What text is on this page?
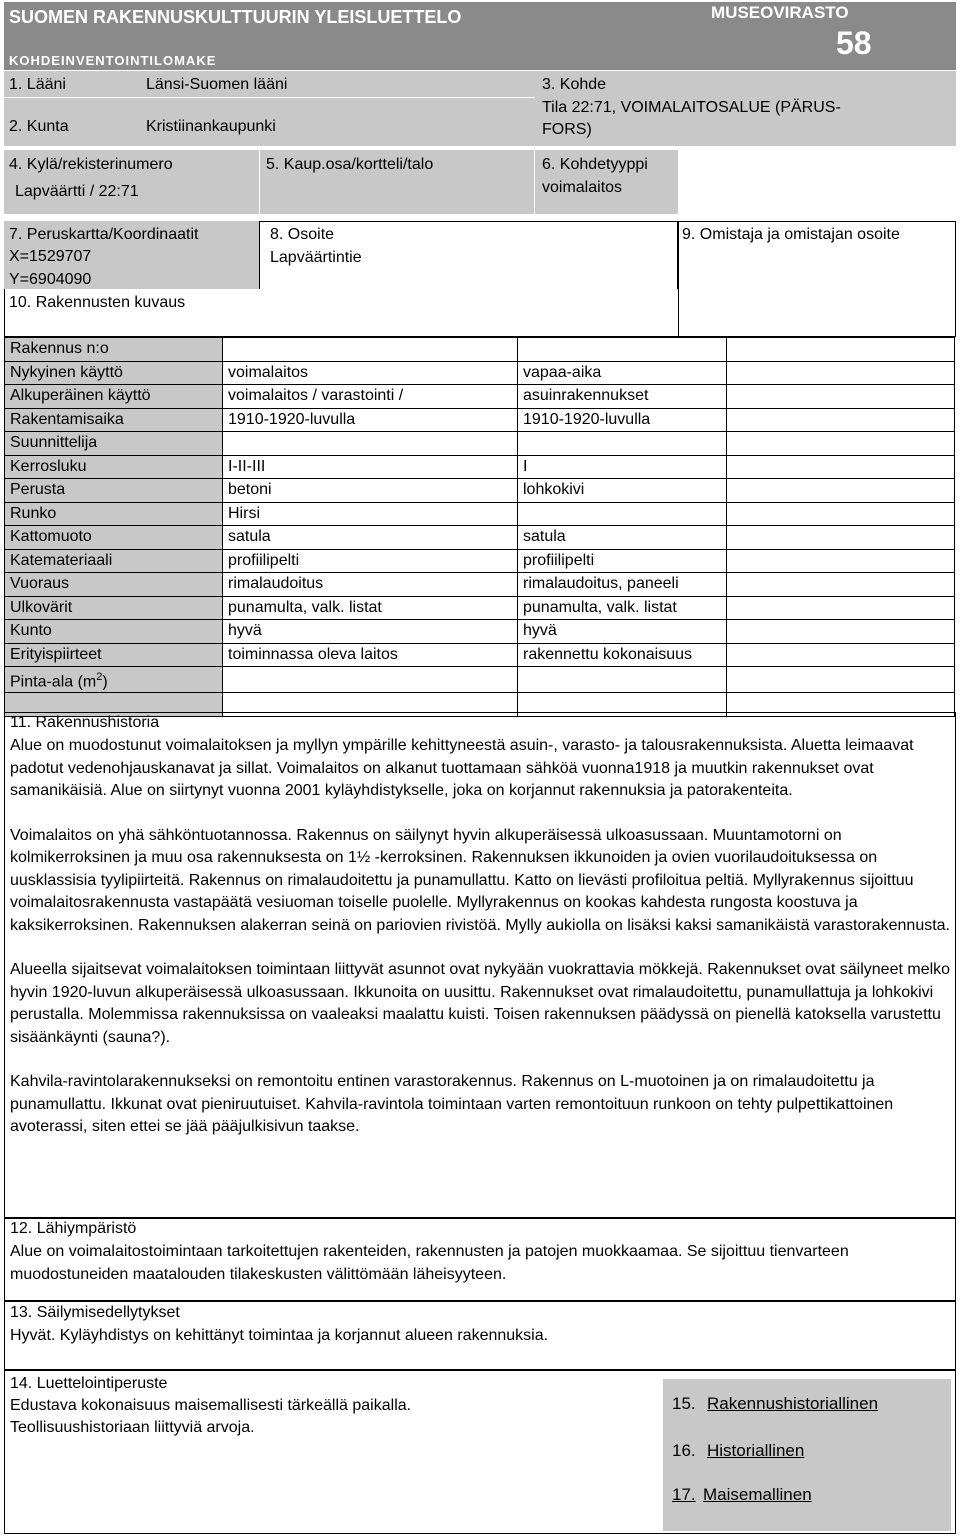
SUOMEN RAKENNUSKULTTUURIN YLEISLUETTELO
KOHDEINVENTOINTILOMAKE
MUSEOVIRASTO
58
1. Lääni	Länsi-Suomen lääni
2. Kunta	Kristiinankaupunki
3. Kohde
Tila 22:71, VOIMALAITOSALUE (PÄRUS-
FORS)
4. Kylä/rekisterinumero
Lapväärtti / 22:71
5. Kaup.osa/kortteli/talo	6. Kohdetyyppi
voimalaitos
7. Peruskartta/Koordinaatit
X=1529707
Y=6904090
8. Osoite
Lapväärtintie
9. Omistaja ja omistajan osoite
10. Rakennusten kuvaus
Rakennus n:o			
Nykyinen käyttö	voimalaitos	vapaa-aika	
Alkuperäinen käyttö	voimalaitos / varastointi /	asuinrakennukset	
Rakentamisaika	1910-1920-luvulla	1910-1920-luvulla	
Suunnittelija			
Kerrosluku	I-II-III	I	
Perusta	betoni	lohkokivi	
Runko	Hirsi		
Kattomuoto	satula	satula	
Katemateriaali	profiilipelti	profiilipelti	
Vuoraus	rimalaudoitus	rimalaudoitus, paneeli	
Ulkovärit	punamulta, valk. listat	punamulta, valk. listat	
Kunto	hyvä	hyvä	
Erityispiirteet	toiminnassa oleva laitos	rakennettu kokonaisuus	
Pinta-ala $(m^2)$			

11. Rakennushistoria

Alue on muodostunut voimalaitoksen ja myllyn ympärille kehittyneestä asuin-, varasto- ja talousrakennuksista. Aluetta leimaavat padotut vedenohjauskanavat ja sillat. Voimalaitos on alkanut tuottamaan sähköä vuonna1918 ja muutkin rakennukset ovat samanikäisiä. Alue on siirtynyt vuonna 2001 kyläyhdistykselle, joka on korjannut rakennuksia ja patorakenteita.

Voimalaitos on yhä sähköntuotannossa. Rakennus on säilynyt hyvin alkuperäisessä ulkoasussaan. Muuntamotorni on kolmikerroksinen ja muu osa rakennuksesta on 1½ -kerroksinen. Rakennuksen ikkunoiden ja ovien vuorilaudoituksessa on uusklassisia tyylipiirteitä. Rakennus on rimalaudoitettu ja punamullattu. Katto on lievästi profiloitua peltiä. Myllyrakennus sijoittuu voimalaitosrakennusta vastapäätä vesiuoman toiselle puolelle. Myllyrakennus on kookas kahdesta rungosta koostuva ja kaksikerroksinen. Rakennuksen alakerran seinä on pariovien rivistöä. Mylly aukiolla on lisäksi kaksi samanikäistä varastorakennusta.

Alueella sijaitsevat voimalaitoksen toimintaan liittyvät asunnot ovat nykyään vuokrattavia mökkejä. Rakennukset ovat säilyneet melko hyvin 1920-luvun alkuperäisessä ulkoasussaan. Ikkunoita on uusittu. Rakennukset ovat rimalaudoitettu, punamullattuja ja lohkokivi perustalla. Molemmissa rakennuksissa on vaaleaksi maalattu kuisti. Toisen rakennuksen päädyssä on pienellä katoksella varustettu sisäänkäynti (sauna?).

Kahvila-ravintolarakennukseksi on remontoitu entinen varastorakennus. Rakennus on L-muotoinen ja on rimalaudoitettu ja punamullattu. Ikkunat ovat pieniruutuiset. Kahvila-ravintola toimintaan varten remontoituun runkoon on tehty pulpettikattoinen avoterassi, siten ettei se jää pääjulkisivun taakse.

12. Lähiympäristö
Alue on voimalaitostoimintaan tarkoitettujen rakenteiden, rakennusten ja patojen muokkaamaa. Se sijoittuu tienvarteen muodostuneiden maatalouden tilakeskusten välittömään läheisyyteen.
13. Säilymisedellytykset
Hyvät. Kyläyhdistys on kehittänyt toimintaa ja korjannut alueen rakennuksia.
14. Luettelointiperuste
Edustava kokonaisuus maisemallisesti tärkeällä paikalla.
Teollisuushistoriaan liittyviä arvoja.
15. Rakennushistoriallinen
16. Historiallinen
17. Maisemallinen
